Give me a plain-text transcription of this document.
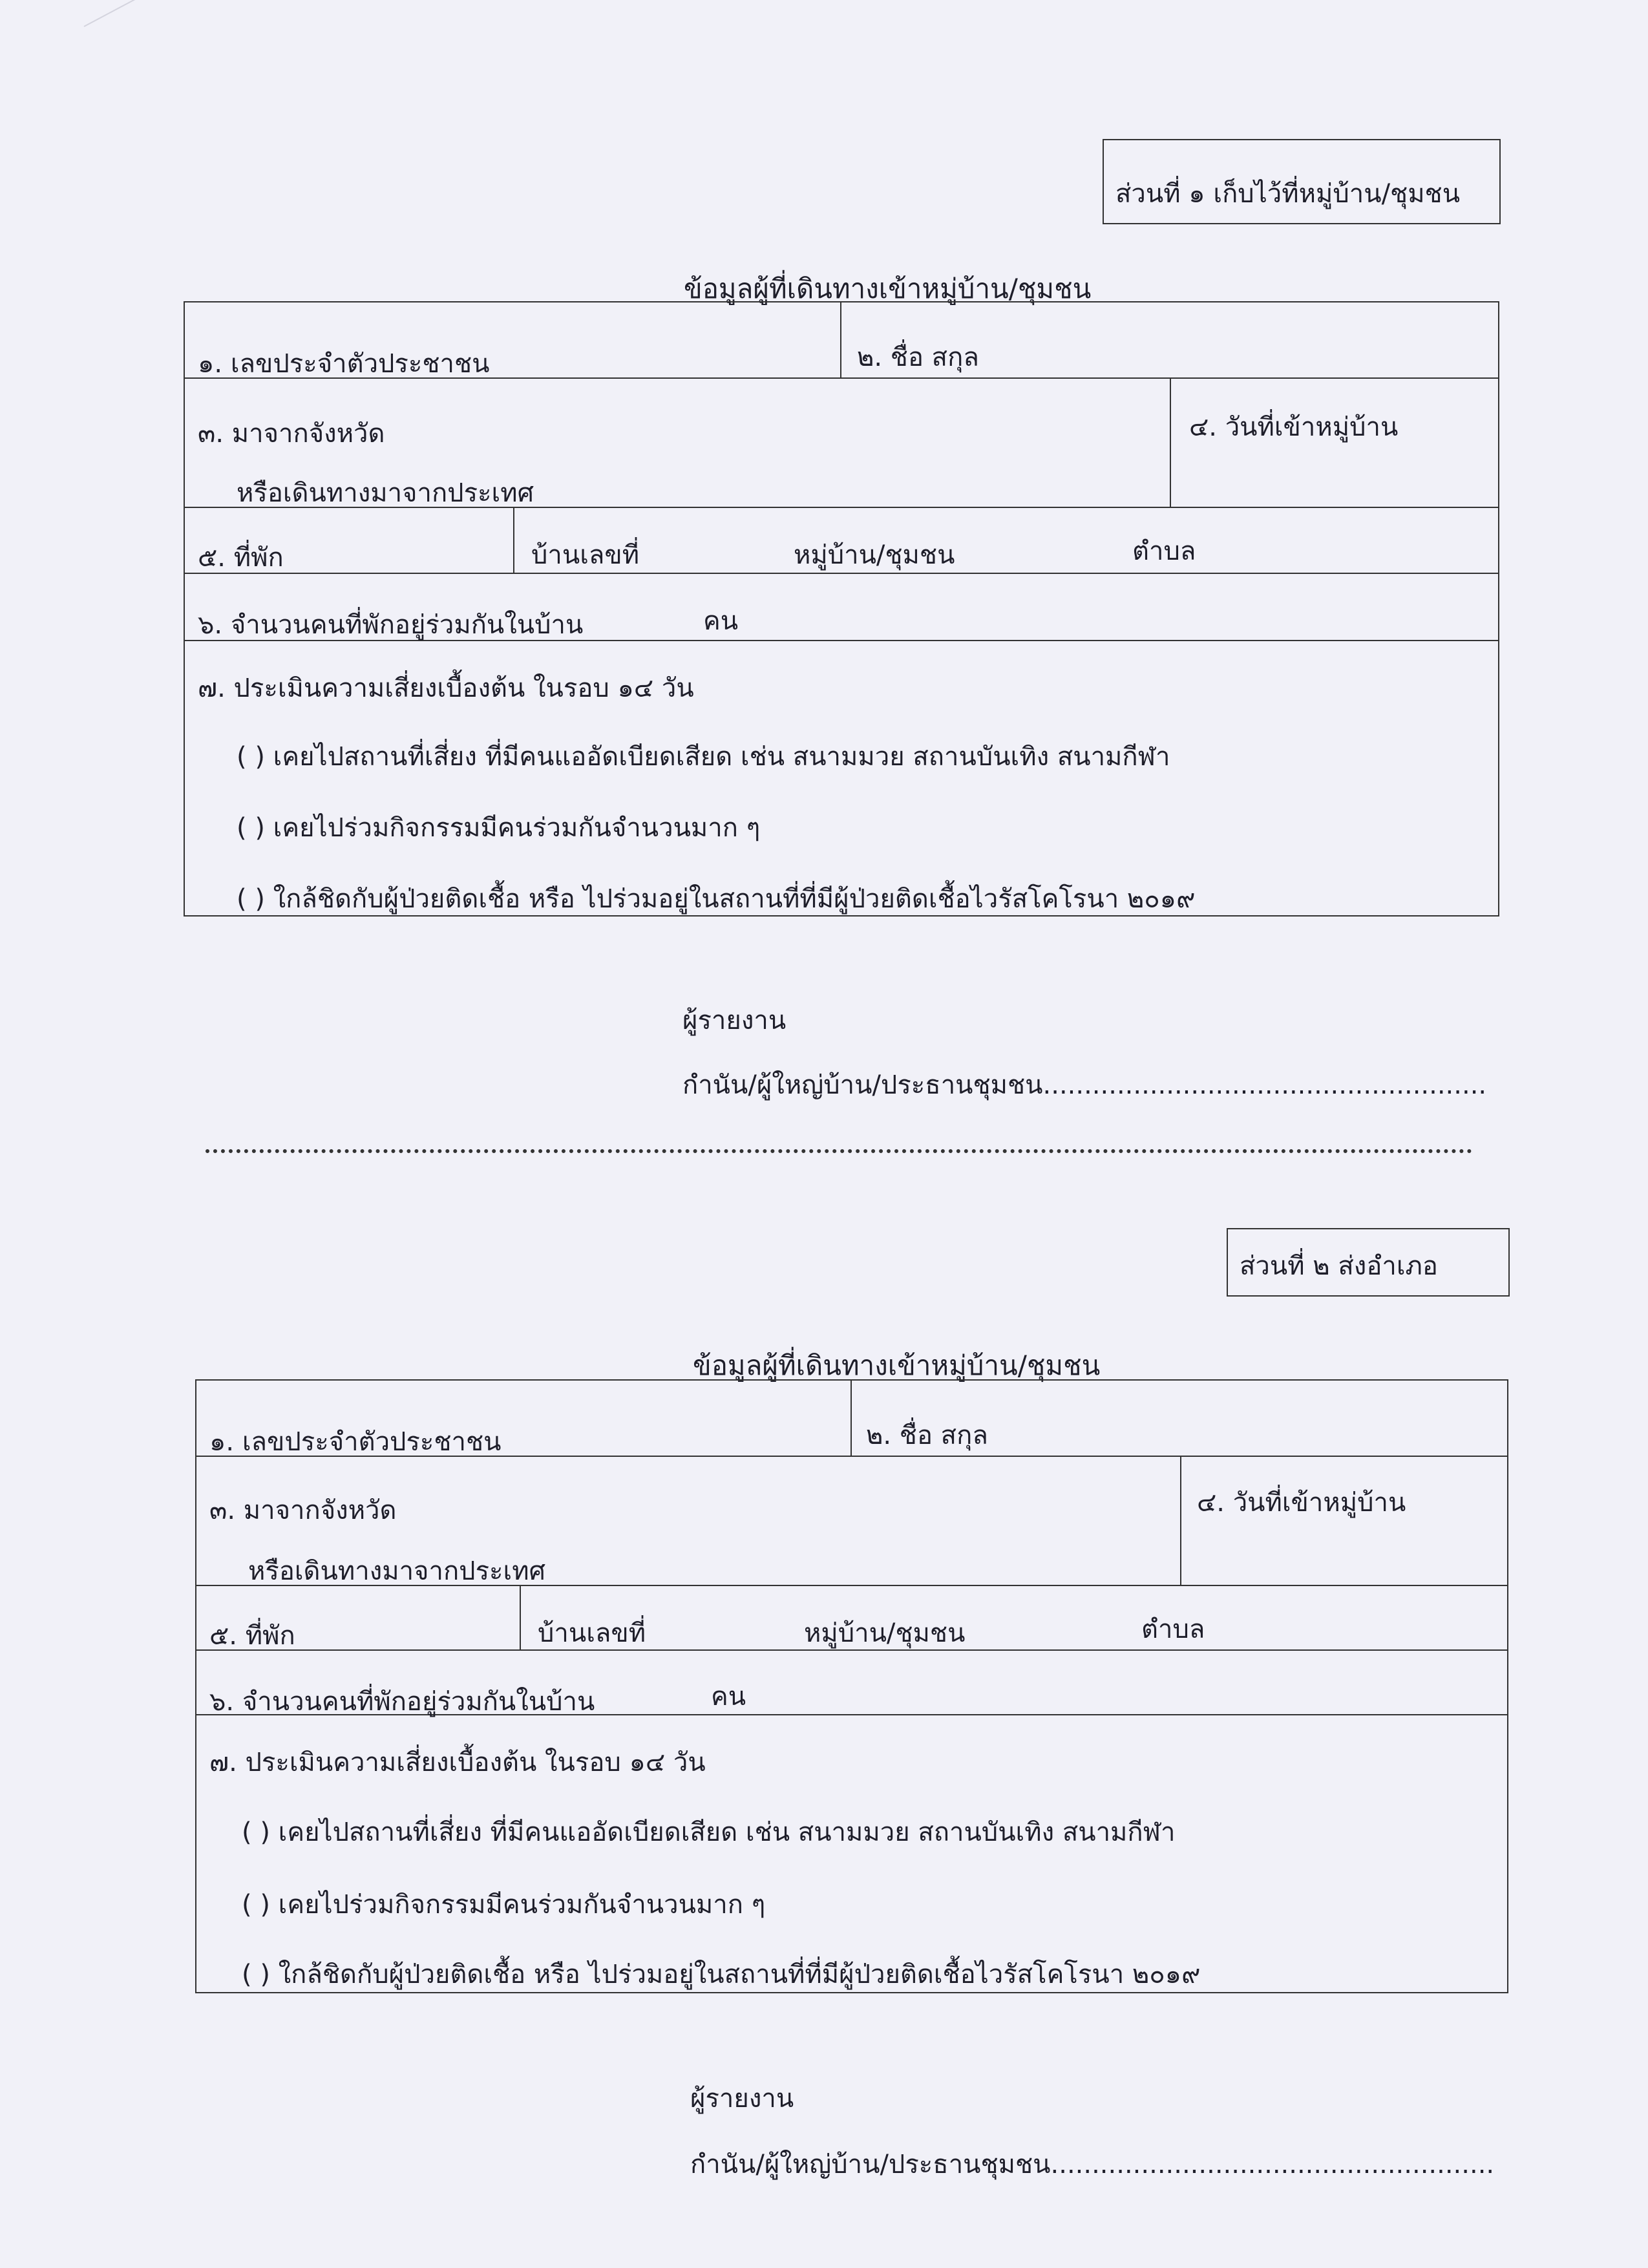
ส่วนที่ ๑ เก็บไว้ที่หมู่บ้าน/ชุมชน
ข้อมูลผู้ที่เดินทางเข้าหมู่บ้าน/ชุมชน
๑. เลขประจำตัวประชาชน	๒. ชื่อ สกุล
๓. มาจากจังหวัด
หรือเดินทางมาจากประเทศ
๔. วันที่เข้าหมู่บ้าน
๕. ที่พัก	บ้านเลขที่	หมู่บ้าน/ชุมชน	ตำบล
๖. จำนวนคนที่พักอยู่ร่วมกันในบ้าน	คน
๗. ประเมินความเสี่ยงเบื้องต้น ในรอบ ๑๔ วัน
( ) เคยไปสถานที่เสี่ยง ที่มีคนแออัดเบียดเสียด เช่น สนามมวย สถานบันเทิง สนามกีฬา
( ) เคยไปร่วมกิจกรรมมีคนร่วมกันจำนวนมาก ๆ
( ) ใกล้ชิดกับผู้ป่วยติดเชื้อ หรือ ไปร่วมอยู่ในสถานที่ที่มีผู้ป่วยติดเชื้อไวรัสโคโรนา ๒๐๑๙
ผู้รายงาน
กำนัน/ผู้ใหญ่บ้าน/ประธานชุมชน......................................................
ส่วนที่ ๒ ส่งอำเภอ
ข้อมูลผู้ที่เดินทางเข้าหมู่บ้าน/ชุมชน
๑. เลขประจำตัวประชาชน	๒. ชื่อ สกุล
๓. มาจากจังหวัด
หรือเดินทางมาจากประเทศ
๔. วันที่เข้าหมู่บ้าน
๕. ที่พัก	บ้านเลขที่	หมู่บ้าน/ชุมชน	ตำบล
๖. จำนวนคนที่พักอยู่ร่วมกันในบ้าน	คน
๗. ประเมินความเสี่ยงเบื้องต้น ในรอบ ๑๔ วัน
( ) เคยไปสถานที่เสี่ยง ที่มีคนแออัดเบียดเสียด เช่น สนามมวย สถานบันเทิง สนามกีฬา
( ) เคยไปร่วมกิจกรรมมีคนร่วมกันจำนวนมาก ๆ
( ) ใกล้ชิดกับผู้ป่วยติดเชื้อ หรือ ไปร่วมอยู่ในสถานที่ที่มีผู้ป่วยติดเชื้อไวรัสโคโรนา ๒๐๑๙
ผู้รายงาน
กำนัน/ผู้ใหญ่บ้าน/ประธานชุมชน......................................................
